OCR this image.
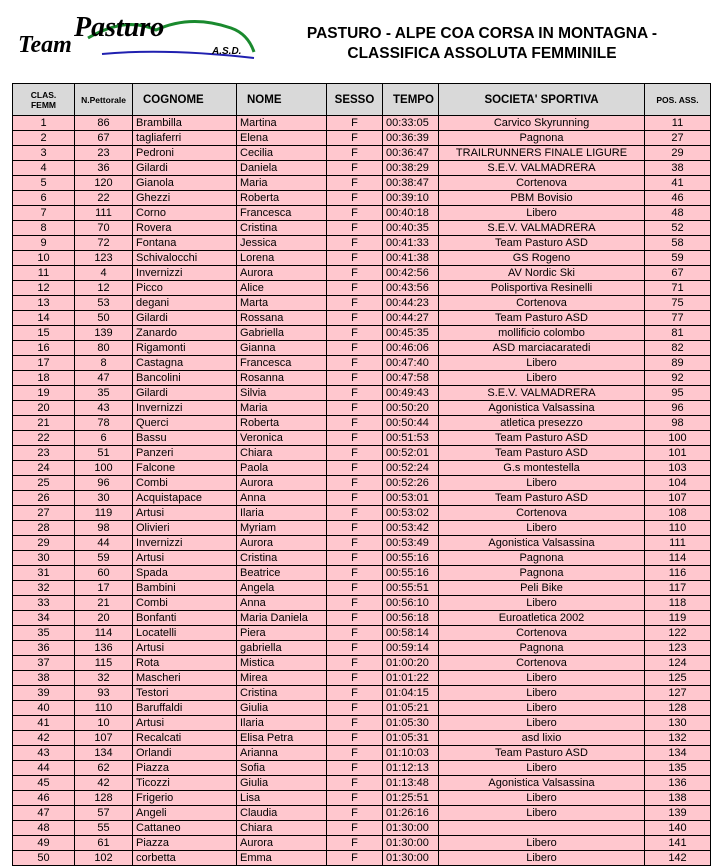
Team
Pasturo
A.S.D.
PASTURO - ALPE COA CORSA IN MONTAGNA -
CLASSIFICA ASSOLUTA FEMMINILE
CLAS.
FEMM	N.Pettorale	COGNOME	NOME	SESSO	TEMPO	SOCIETA' SPORTIVA	POS. ASS.
1	86	Brambilla	Martina	F	00:33:05	Carvico Skyrunning	11
2	67	tagliaferri	Elena	F	00:36:39	Pagnona	27
3	23	Pedroni	Cecilia	F	00:36:47	TRAILRUNNERS FINALE LIGURE	29
4	36	Gilardi	Daniela	F	00:38:29	S.E.V. VALMADRERA	38
5	120	Gianola	Maria	F	00:38:47	Cortenova	41
6	22	Ghezzi	Roberta	F	00:39:10	PBM Bovisio	46
7	111	Corno	Francesca	F	00:40:18	Libero	48
8	70	Rovera	Cristina	F	00:40:35	S.E.V. VALMADRERA	52
9	72	Fontana	Jessica	F	00:41:33	Team Pasturo ASD	58
10	123	Schivalocchi	Lorena	F	00:41:38	GS Rogeno	59
11	4	Invernizzi	Aurora	F	00:42:56	AV Nordic Ski	67
12	12	Picco	Alice	F	00:43:56	Polisportiva Resinelli	71
13	53	degani	Marta	F	00:44:23	Cortenova	75
14	50	Gilardi	Rossana	F	00:44:27	Team Pasturo ASD	77
15	139	Zanardo	Gabriella	F	00:45:35	mollificio colombo	81
16	80	Rigamonti	Gianna	F	00:46:06	ASD marciacaratedi	82
17	8	Castagna	Francesca	F	00:47:40	Libero	89
18	47	Bancolini	Rosanna	F	00:47:58	Libero	92
19	35	Gilardi	Silvia	F	00:49:43	S.E.V. VALMADRERA	95
20	43	Invernizzi	Maria	F	00:50:20	Agonistica Valsassina	96
21	78	Querci	Roberta	F	00:50:44	atletica presezzo	98
22	6	Bassu	Veronica	F	00:51:53	Team Pasturo ASD	100
23	51	Panzeri	Chiara	F	00:52:01	Team Pasturo ASD	101
24	100	Falcone	Paola	F	00:52:24	G.s montestella	103
25	96	Combi	Aurora	F	00:52:26	Libero	104
26	30	Acquistapace	Anna	F	00:53:01	Team Pasturo ASD	107
27	119	Artusi	Ilaria	F	00:53:02	Cortenova	108
28	98	Olivieri	Myriam	F	00:53:42	Libero	110
29	44	Invernizzi	Aurora	F	00:53:49	Agonistica Valsassina	111
30	59	Artusi	Cristina	F	00:55:16	Pagnona	114
31	60	Spada	Beatrice	F	00:55:16	Pagnona	116
32	17	Bambini	Angela	F	00:55:51	Peli Bike	117
33	21	Combi	Anna	F	00:56:10	Libero	118
34	20	Bonfanti	Maria Daniela	F	00:56:18	Euroatletica 2002	119
35	114	Locatelli	Piera	F	00:58:14	Cortenova	122
36	136	Artusi	gabriella	F	00:59:14	Pagnona	123
37	115	Rota	Mistica	F	01:00:20	Cortenova	124
38	32	Mascheri	Mirea	F	01:01:22	Libero	125
39	93	Testori	Cristina	F	01:04:15	Libero	127
40	110	Baruffaldi	Giulia	F	01:05:21	Libero	128
41	10	Artusi	Ilaria	F	01:05:30	Libero	130
42	107	Recalcati	Elisa Petra	F	01:05:31	asd lixio	132
43	134	Orlandi	Arianna	F	01:10:03	Team Pasturo ASD	134
44	62	Piazza	Sofia	F	01:12:13	Libero	135
45	42	Ticozzi	Giulia	F	01:13:48	Agonistica Valsassina	136
46	128	Frigerio	Lisa	F	01:25:51	Libero	138
47	57	Angeli	Claudia	F	01:26:16	Libero	139
48	55	Cattaneo	Chiara	F	01:30:00		140
49	61	Piazza	Aurora	F	01:30:00	Libero	141
50	102	corbetta	Emma	F	01:30:00	Libero	142
